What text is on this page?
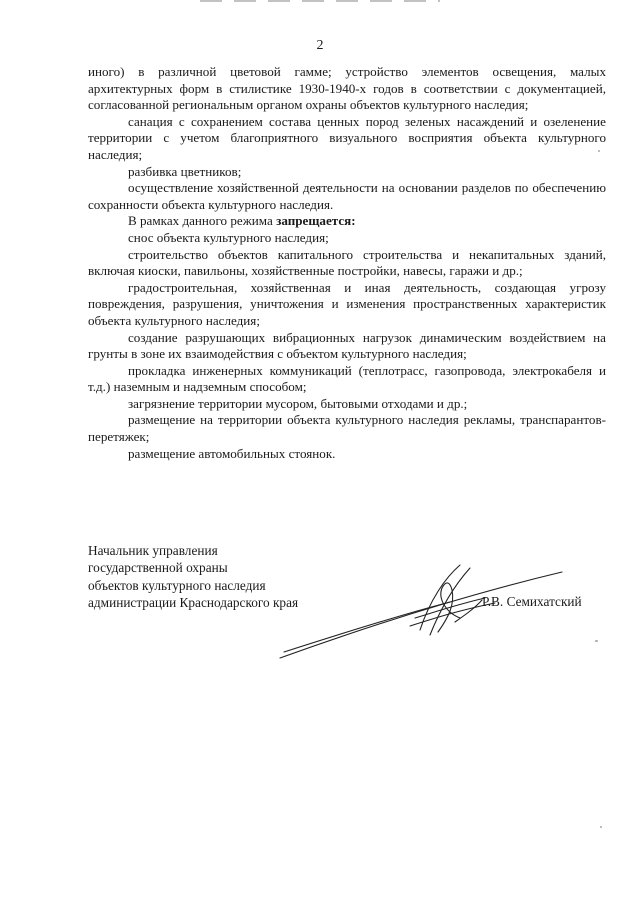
2

иного) в различной цветовой гамме; устройство элементов освещения, малых архитектурных форм в стилистике 1930-1940-х годов в соответствии с документацией, согласованной региональным органом охраны объектов культурного наследия;

санация с сохранением состава ценных пород зеленых насаждений и озеленение территории с учетом благоприятного визуального восприятия объекта культурного наследия;

разбивка цветников;

осуществление хозяйственной деятельности на основании разделов по обеспечению сохранности объекта культурного наследия.

В рамках данного режима запрещается:

снос объекта культурного наследия;

строительство объектов капитального строительства и некапитальных зданий, включая киоски, павильоны, хозяйственные постройки, навесы, гаражи и др.;

градостроительная, хозяйственная и иная деятельность, создающая угрозу повреждения, разрушения, уничтожения и изменения пространственных характеристик объекта культурного наследия;

создание разрушающих вибрационных нагрузок динамическим воздействием на грунты в зоне их взаимодействия с объектом культурного наследия;

прокладка инженерных коммуникаций (теплотрасс, газопровода, электрокабеля и т.д.) наземным и надземным способом;

загрязнение территории мусором, бытовыми отходами и др.;

размещение на территории объекта культурного наследия рекламы, транспарантов-перетяжек;

размещение автомобильных стоянок.

Начальник управления
государственной охраны
объектов культурного наследия
администрации Краснодарского края	Р.В. Семихатский
